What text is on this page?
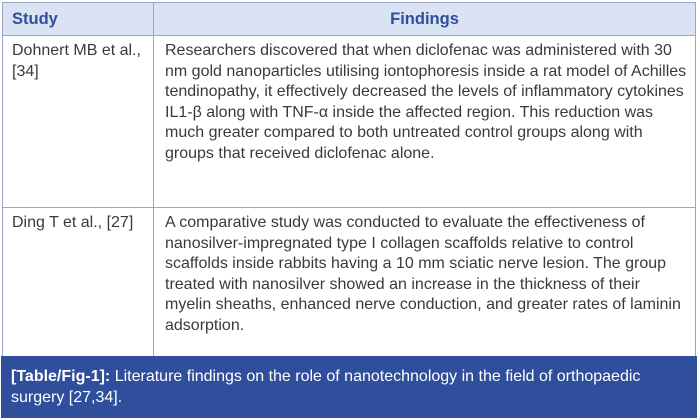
Study	Findings
Dohnert MB et al., [34]	Researchers discovered that when diclofenac was administered with 30 nm gold nanoparticles utilising iontophoresis inside a rat model of Achilles tendinopathy, it effectively decreased the levels of inflammatory cytokines IL1-β along with TNF-α inside the affected region. This reduction was much greater compared to both untreated control groups along with groups that received diclofenac alone.
Ding T et al., [27]	A comparative study was conducted to evaluate the effectiveness of nanosilver-impregnated type I collagen scaffolds relative to control scaffolds inside rabbits having a 10 mm sciatic nerve lesion. The group treated with nanosilver showed an increase in the thickness of their myelin sheaths, enhanced nerve conduction, and greater rates of laminin adsorption.
[Table/Fig-1]: Literature findings on the role of nanotechnology in the field of orthopaedic surgery [27,34].
